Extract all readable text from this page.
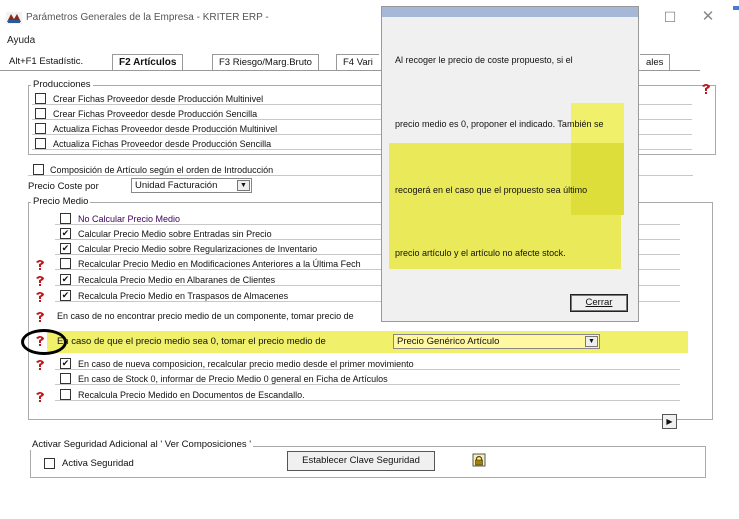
Parámetros Generales de la Empresa - KRITER ERP -	☐ ✕
Ayuda
Alt+F1 Estadístic.	F2 Artículos	F3 Riesgo/Marg.Bruto	F4 Vari	ales
Producciones
Crear Fichas Proveedor desde Producción Multinivel
Crear Fichas Proveedor desde Producción Sencilla
Actualiza Fichas Proveedor desde Producción Multinivel
Actualiza Fichas Proveedor desde Producción Sencilla
Composición de Artículo según el orden de Introducción
Precio Coste por	Unidad Facturación	▼
Precio Medio
No Calcular Precio Medio
✔ Calcular Precio Medio sobre Entradas sin Precio
✔ Calcular Precio Medio sobre Regularizaciones de Inventario
Recalcular Precio Medio en Modificaciones Anteriores a la Última Fech
✔ Recalcula Precio Medio en Albaranes de Clientes
✔ Recalcula Precio Medio en Traspasos de Almacenes
En caso de no encontrar precio medio de un componente, tomar precio de
En caso de que el precio medio sea 0, tomar el precio medio de	Precio Genérico Artículo	▼
✔ En caso de nueva composicion, recalcular precio medio desde el primer movimiento
En caso de Stock 0, informar de Precio Medio 0 general en Ficha de Artículos
Recalcula Precio Medido en Documentos de Escandallo.
▶
Activar Seguridad Adicional al ' Ver Composiciones '
Activa Seguridad	Establecer Clave Seguridad
Al recoger le precio de coste propuesto, si el
precio medio es 0, proponer el indicado. También se
recogerá en el caso que el propuesto sea último
precio artículo y el artículo no afecte stock.
Cerrar
